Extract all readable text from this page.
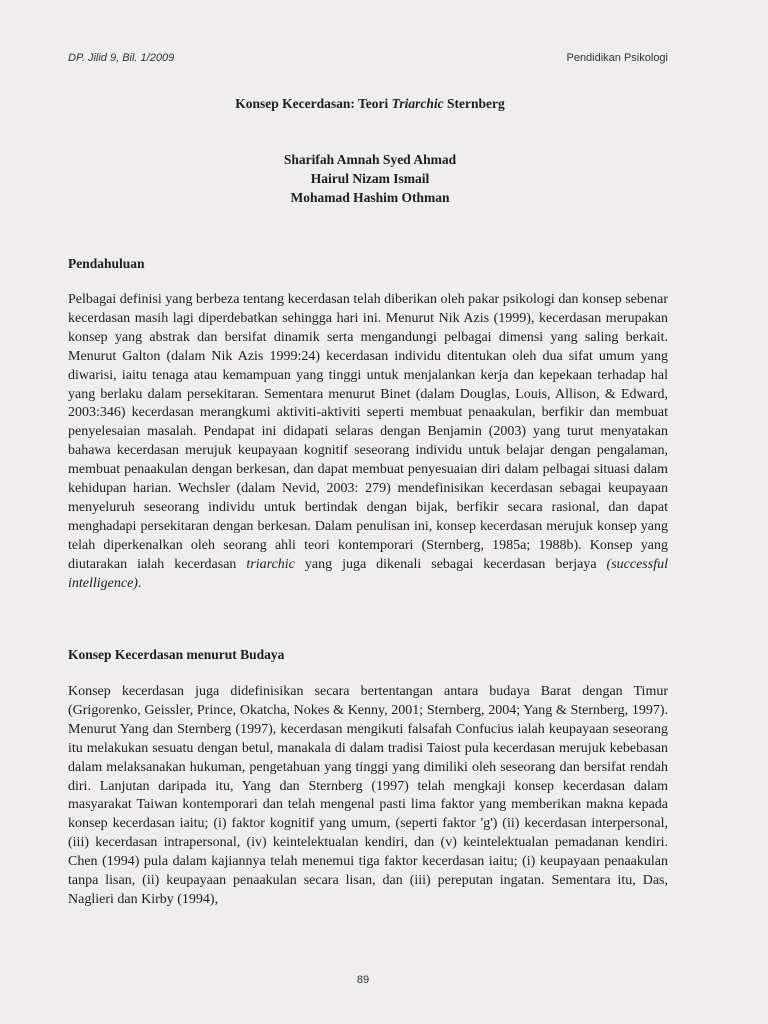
DP. Jilid 9, Bil. 1/2009	Pendidikan Psikologi
Konsep Kecerdasan: Teori Triarchic Sternberg
Sharifah Amnah Syed Ahmad
Hairul Nizam Ismail
Mohamad Hashim Othman
Pendahuluan
Pelbagai definisi yang berbeza tentang kecerdasan telah diberikan oleh pakar psikologi dan konsep sebenar kecerdasan masih lagi diperdebatkan sehingga hari ini. Menurut Nik Azis (1999), kecerdasan merupakan konsep yang abstrak dan bersifat dinamik serta mengandungi pelbagai dimensi yang saling berkait. Menurut Galton (dalam Nik Azis 1999:24) kecerdasan individu ditentukan oleh dua sifat umum yang diwarisi, iaitu tenaga atau kemampuan yang tinggi untuk menjalankan kerja dan kepekaan terhadap hal yang berlaku dalam persekitaran. Sementara menurut Binet (dalam Douglas, Louis, Allison, & Edward, 2003:346) kecerdasan merangkumi aktiviti-aktiviti seperti membuat penaakulan, berfikir dan membuat penyelesaian masalah. Pendapat ini didapati selaras dengan Benjamin (2003) yang turut menyatakan bahawa kecerdasan merujuk keupayaan kognitif seseorang individu untuk belajar dengan pengalaman, membuat penaakulan dengan berkesan, dan dapat membuat penyesuaian diri dalam pelbagai situasi dalam kehidupan harian. Wechsler (dalam Nevid, 2003: 279) mendefinisikan kecerdasan sebagai keupayaan menyeluruh seseorang individu untuk bertindak dengan bijak, berfikir secara rasional, dan dapat menghadapi persekitaran dengan berkesan. Dalam penulisan ini, konsep kecerdasan merujuk konsep yang telah diperkenalkan oleh seorang ahli teori kontemporari (Sternberg, 1985a; 1988b). Konsep yang diutarakan ialah kecerdasan triarchic yang juga dikenali sebagai kecerdasan berjaya (successful intelligence).
Konsep Kecerdasan menurut Budaya
Konsep kecerdasan juga didefinisikan secara bertentangan antara budaya Barat dengan Timur (Grigorenko, Geissler, Prince, Okatcha, Nokes & Kenny, 2001; Sternberg, 2004; Yang & Sternberg, 1997). Menurut Yang dan Sternberg (1997), kecerdasan mengikuti falsafah Confucius ialah keupayaan seseorang itu melakukan sesuatu dengan betul, manakala di dalam tradisi Taiost pula kecerdasan merujuk kebebasan dalam melaksanakan hukuman, pengetahuan yang tinggi yang dimiliki oleh seseorang dan bersifat rendah diri. Lanjutan daripada itu, Yang dan Sternberg (1997) telah mengkaji konsep kecerdasan dalam masyarakat Taiwan kontemporari dan telah mengenal pasti lima faktor yang memberikan makna kepada konsep kecerdasan iaitu; (i) faktor kognitif yang umum, (seperti faktor 'g') (ii) kecerdasan interpersonal, (iii) kecerdasan intrapersonal, (iv) keintelektualan kendiri, dan (v) keintelektualan pemadanan kendiri. Chen (1994) pula dalam kajiannya telah menemui tiga faktor kecerdasan iaitu; (i) keupayaan penaakulan tanpa lisan, (ii) keupayaan penaakulan secara lisan, dan (iii) pereputan ingatan. Sementara itu, Das, Naglieri dan Kirby (1994),
89
